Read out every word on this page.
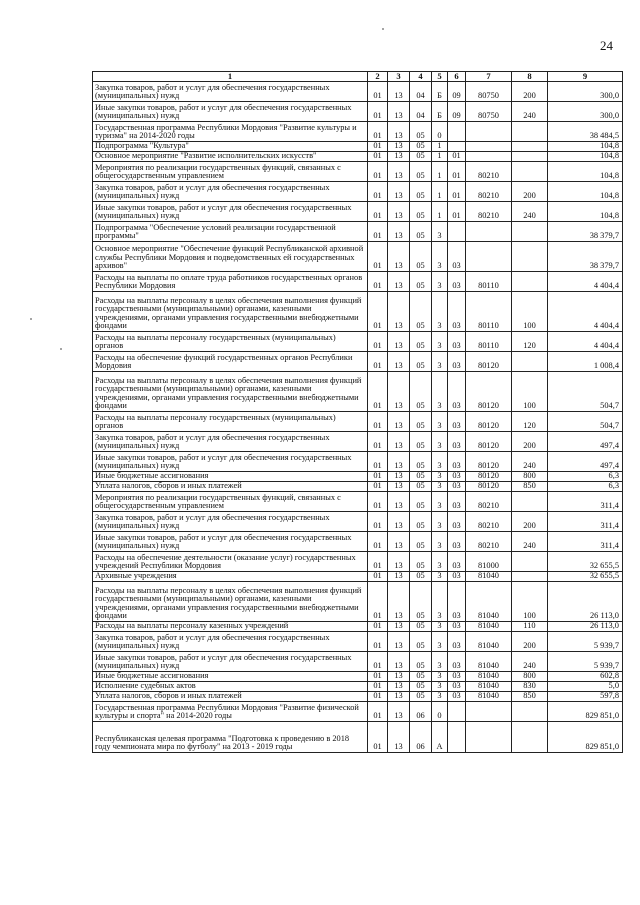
24
1	2	3	4	5	6	7	8	9
Закупка товаров, работ и услуг для обеспечения государственных (муниципальных) нужд	01	13	04	Б	09	80750	200	300,0
Иные закупки товаров, работ и услуг для обеспечения государственных (муниципальных) нужд	01	13	04	Б	09	80750	240	300,0
Государственная программа Республики Мордовия "Развитие культуры и туризма" на 2014-2020 годы	01	13	05	0				38 484,5
Подпрограмма "Культура"	01	13	05	1				104,8
Основное мероприятие "Развитие исполнительских искусств"	01	13	05	1	01			104,8
Мероприятия по реализации государственных функций, связанных с общегосударственным управлением	01	13	05	1	01	80210		104,8
Закупка товаров, работ и услуг для обеспечения государственных (муниципальных) нужд	01	13	05	1	01	80210	200	104,8
Иные закупки товаров, работ и услуг для обеспечения государственных (муниципальных) нужд	01	13	05	1	01	80210	240	104,8
Подпрограмма "Обеспечение условий реализации государственной программы"	01	13	05	3				38 379,7
Основное мероприятие "Обеспечение функций Республиканской архивной службы Республики Мордовия и подведомственных ей государственных архивов"	01	13	05	3	03			38 379,7
Расходы на выплаты по оплате труда работников государственных органов Республики Мордовия	01	13	05	3	03	80110		4 404,4
Расходы на выплаты персоналу в целях обеспечения выполнения функций государственными (муниципальными) органами, казенными учреждениями, органами управления государственными внебюджетными фондами	01	13	05	3	03	80110	100	4 404,4
Расходы на выплаты персоналу государственных (муниципальных) органов	01	13	05	3	03	80110	120	4 404,4
Расходы на обеспечение функций государственных органов Республики Мордовия	01	13	05	3	03	80120		1 008,4
Расходы на выплаты персоналу в целях обеспечения выполнения функций государственными (муниципальными) органами, казенными учреждениями, органами управления государственными внебюджетными фондами	01	13	05	3	03	80120	100	504,7
Расходы на выплаты персоналу государственных (муниципальных) органов	01	13	05	3	03	80120	120	504,7
Закупка товаров, работ и услуг для обеспечения государственных (муниципальных) нужд	01	13	05	3	03	80120	200	497,4
Иные закупки товаров, работ и услуг для обеспечения государственных (муниципальных) нужд	01	13	05	3	03	80120	240	497,4
Иные бюджетные ассигнования	01	13	05	3	03	80120	800	6,3
Уплата налогов, сборов и иных платежей	01	13	05	3	03	80120	850	6,3
Мероприятия по реализации государственных функций, связанных с общегосударственным управлением	01	13	05	3	03	80210		311,4
Закупка товаров, работ и услуг для обеспечения государственных (муниципальных) нужд	01	13	05	3	03	80210	200	311,4
Иные закупки товаров, работ и услуг для обеспечения государственных (муниципальных) нужд	01	13	05	3	03	80210	240	311,4
Расходы на обеспечение деятельности (оказание услуг) государственных учреждений Республики Мордовия	01	13	05	3	03	81000		32 655,5
Архивные учреждения	01	13	05	3	03	81040		32 655,5
Расходы на выплаты персоналу в целях обеспечения выполнения функций государственными (муниципальными) органами, казенными учреждениями, органами управления государственными внебюджетными фондами	01	13	05	3	03	81040	100	26 113,0
Расходы на выплаты персоналу казенных учреждений	01	13	05	3	03	81040	110	26 113,0
Закупка товаров, работ и услуг для обеспечения государственных (муниципальных) нужд	01	13	05	3	03	81040	200	5 939,7
Иные закупки товаров, работ и услуг для обеспечения государственных (муниципальных) нужд	01	13	05	3	03	81040	240	5 939,7
Иные бюджетные ассигнования	01	13	05	3	03	81040	800	602,8
Исполнение судебных актов	01	13	05	3	03	81040	830	5,0
Уплата налогов, сборов и иных платежей	01	13	05	3	03	81040	850	597,8
Государственная программа Республики Мордовия "Развитие физической культуры и спорта" на 2014-2020 годы	01	13	06	0				829 851,0
Республиканская целевая программа "Подготовка к проведению в 2018 году чемпионата мира по футболу" на 2013 - 2019 годы	01	13	06	А				829 851,0
